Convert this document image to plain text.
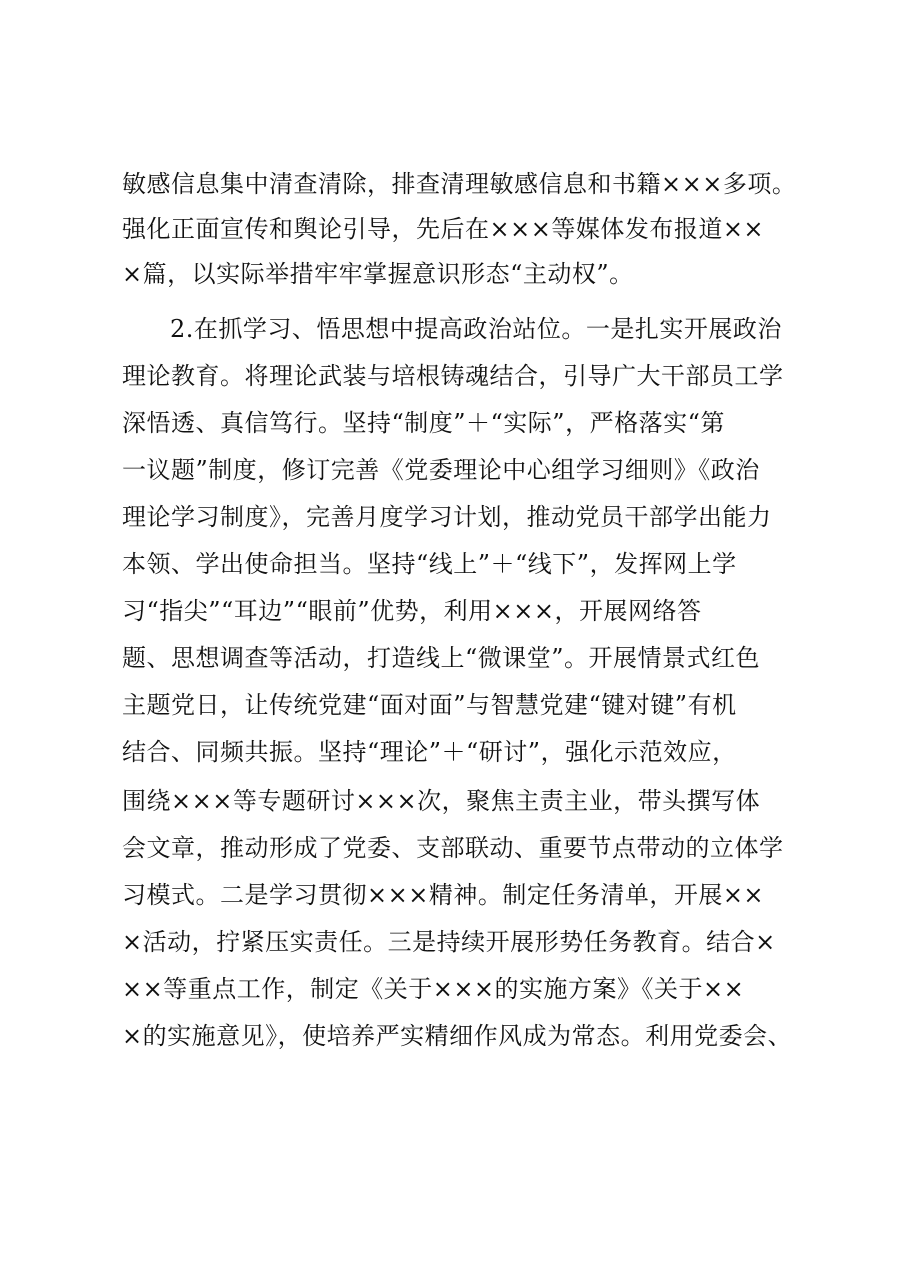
敏感信息集中清查清除，排查清理敏感信息和书籍×××多项。
强化正面宣传和舆论引导，先后在×××等媒体发布报道××
×篇，以实际举措牢牢掌握意识形态“主动权”。
2.在抓学习、悟思想中提高政治站位。一是扎实开展政治
理论教育。将理论武装与培根铸魂结合，引导广大干部员工学
深悟透、真信笃行。坚持“制度”＋“实际”，严格落实“第
一议题”制度，修订完善《党委理论中心组学习细则》《政治
理论学习制度》，完善月度学习计划，推动党员干部学出能力
本领、学出使命担当。坚持“线上”＋“线下”，发挥网上学
习“指尖”“耳边”“眼前”优势，利用×××，开展网络答
题、思想调查等活动，打造线上“微课堂”。开展情景式红色
主题党日，让传统党建“面对面”与智慧党建“键对键”有机
结合、同频共振。坚持“理论”＋“研讨”，强化示范效应，
围绕×××等专题研讨×××次，聚焦主责主业，带头撰写体
会文章，推动形成了党委、支部联动、重要节点带动的立体学
习模式。二是学习贯彻×××精神。制定任务清单，开展××
×活动，拧紧压实责任。三是持续开展形势任务教育。结合×
××等重点工作，制定《关于×××的实施方案》《关于××
×的实施意见》，使培养严实精细作风成为常态。利用党委会、
